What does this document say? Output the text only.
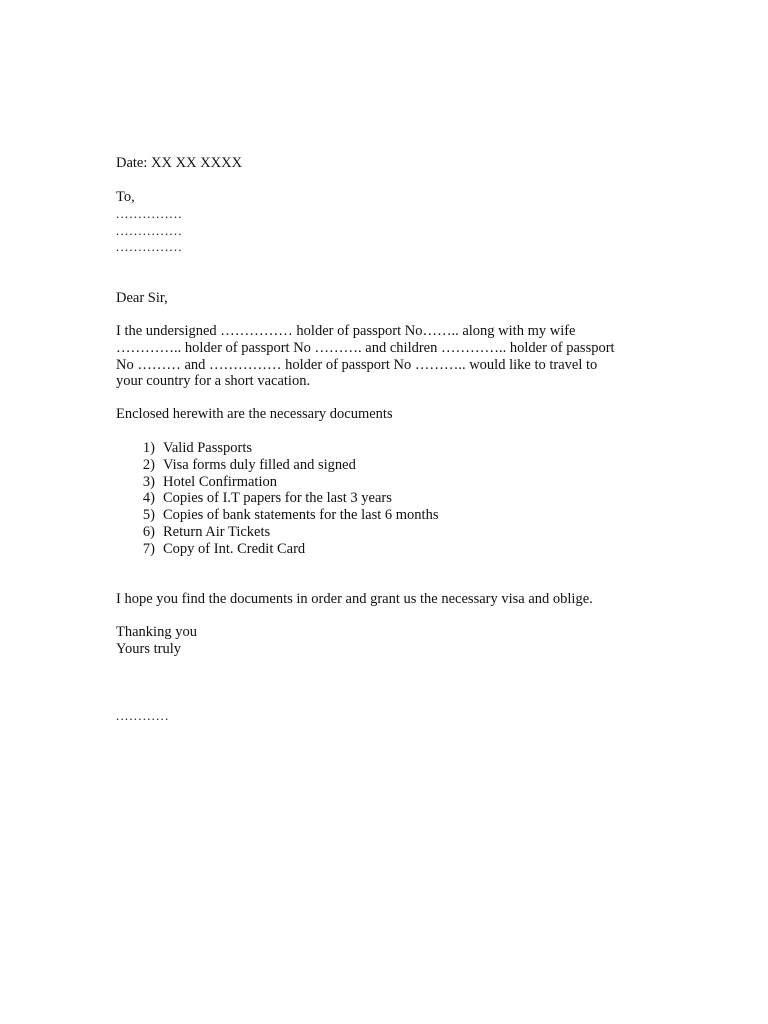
Date: XX XX XXXX

To,
...............
...............
...............

Dear Sir,

I the undersigned …………… holder of passport No…….. along with my wife
………….. holder of passport No ………. and children ………….. holder of passport
No ……… and …………… holder of passport No ……….. would like to travel to
your country for a short vacation.

Enclosed herewith are the necessary documents

1) Valid Passports
2) Visa forms duly filled and signed
3) Hotel Confirmation
4) Copies of I.T papers for the last 3 years
5) Copies of bank statements for the last 6 months
6) Return Air Tickets
7) Copy of Int. Credit Card

I hope you find the documents in order and grant us the necessary visa and oblige.

Thanking you
Yours truly
............
